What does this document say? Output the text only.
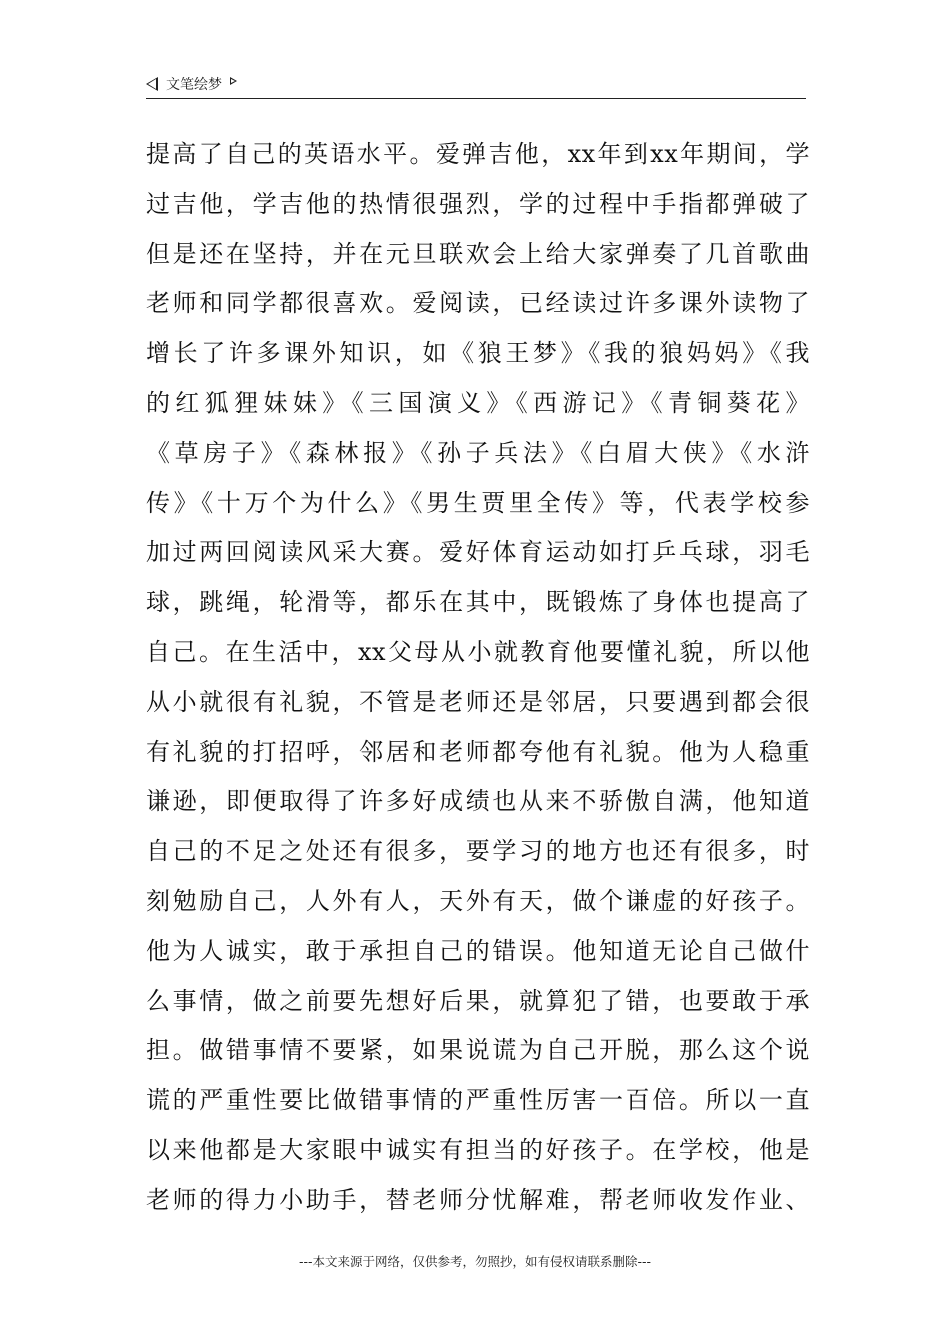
文笔绘梦
提高了自己的英语水平。爱弹吉他，xx年到xx年期间，学
过吉他，学吉他的热情很强烈，学的过程中手指都弹破了
但是还在坚持，并在元旦联欢会上给大家弹奏了几首歌曲
老师和同学都很喜欢。爱阅读，已经读过许多课外读物了
增长了许多课外知识，如《狼王梦》《我的狼妈妈》《我
的红狐狸妹妹》《三国演义》《西游记》《青铜葵花》
《草房子》《森林报》《孙子兵法》《白眉大侠》《水浒
传》《十万个为什么》《男生贾里全传》等，代表学校参
加过两回阅读风采大赛。爱好体育运动如打乒乓球，羽毛
球，跳绳，轮滑等，都乐在其中，既锻炼了身体也提高了
自己。在生活中，xx父母从小就教育他要懂礼貌，所以他
从小就很有礼貌，不管是老师还是邻居，只要遇到都会很
有礼貌的打招呼，邻居和老师都夸他有礼貌。他为人稳重
谦逊，即便取得了许多好成绩也从来不骄傲自满，他知道
自己的不足之处还有很多，要学习的地方也还有很多，时
刻勉励自己，人外有人，天外有天，做个谦虚的好孩子。
他为人诚实，敢于承担自己的错误。他知道无论自己做什
么事情，做之前要先想好后果，就算犯了错，也要敢于承
担。做错事情不要紧，如果说谎为自己开脱，那么这个说
谎的严重性要比做错事情的严重性厉害一百倍。所以一直
以来他都是大家眼中诚实有担当的好孩子。在学校，他是
老师的得力小助手，替老师分忧解难，帮老师收发作业、
---本文来源于网络，仅供参考，勿照抄，如有侵权请联系删除---
